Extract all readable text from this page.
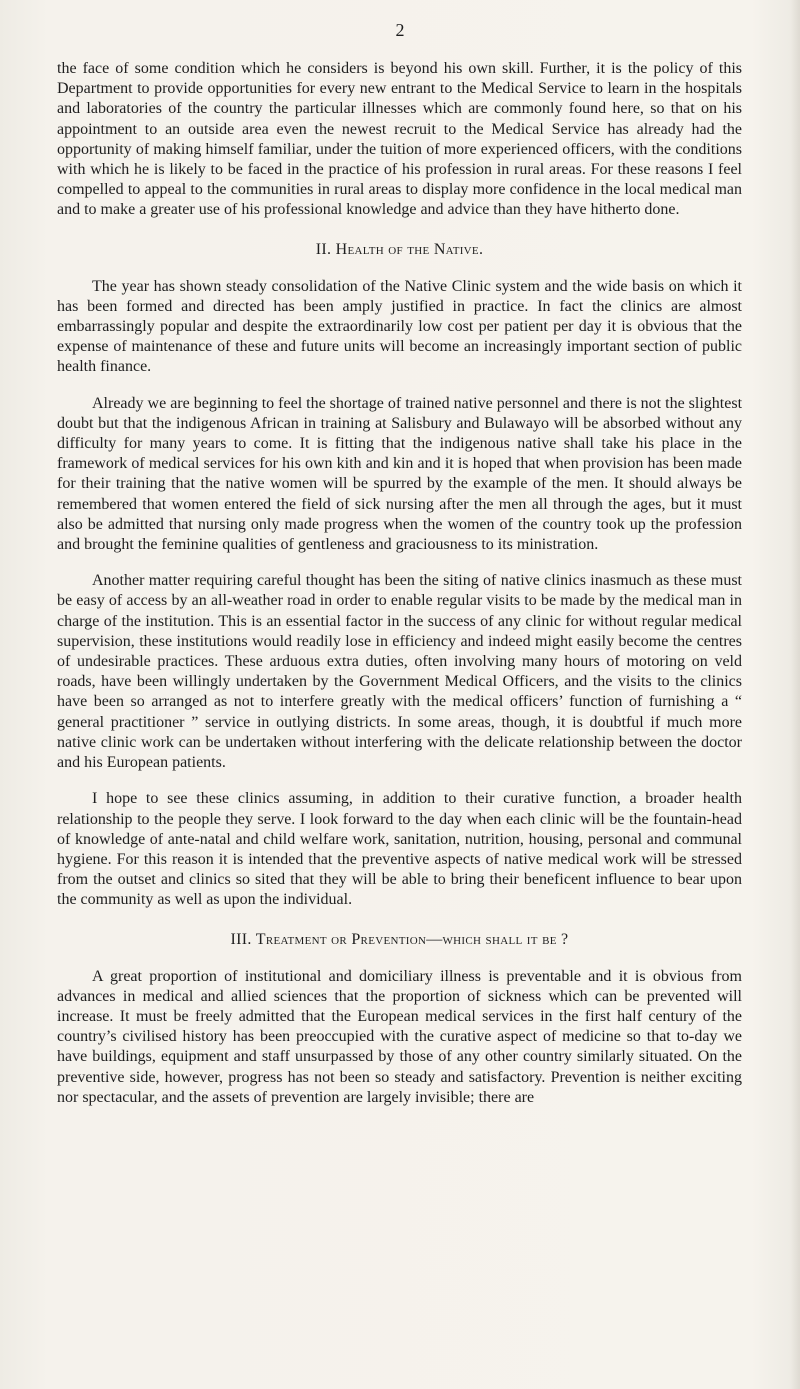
2

the face of some condition which he considers is beyond his own skill. Further, it is the policy of this Department to provide opportunities for every new entrant to the Medical Service to learn in the hospitals and laboratories of the country the particular illnesses which are commonly found here, so that on his appointment to an outside area even the newest recruit to the Medical Service has already had the opportunity of making himself familiar, under the tuition of more experienced officers, with the conditions with which he is likely to be faced in the practice of his profession in rural areas. For these reasons I feel compelled to appeal to the communities in rural areas to display more confidence in the local medical man and to make a greater use of his professional knowledge and advice than they have hitherto done.

II. Health of the Native.

The year has shown steady consolidation of the Native Clinic system and the wide basis on which it has been formed and directed has been amply justified in practice. In fact the clinics are almost embarrassingly popular and despite the extraordinarily low cost per patient per day it is obvious that the expense of maintenance of these and future units will become an increasingly important section of public health finance.

Already we are beginning to feel the shortage of trained native personnel and there is not the slightest doubt but that the indigenous African in training at Salisbury and Bulawayo will be absorbed without any difficulty for many years to come. It is fitting that the indigenous native shall take his place in the framework of medical services for his own kith and kin and it is hoped that when provision has been made for their training that the native women will be spurred by the example of the men. It should always be remembered that women entered the field of sick nursing after the men all through the ages, but it must also be admitted that nursing only made progress when the women of the country took up the profession and brought the feminine qualities of gentleness and graciousness to its ministration.

Another matter requiring careful thought has been the siting of native clinics inasmuch as these must be easy of access by an all-weather road in order to enable regular visits to be made by the medical man in charge of the institution. This is an essential factor in the success of any clinic for without regular medical supervision, these institutions would readily lose in efficiency and indeed might easily become the centres of undesirable practices. These arduous extra duties, often involving many hours of motoring on veld roads, have been willingly undertaken by the Government Medical Officers, and the visits to the clinics have been so arranged as not to interfere greatly with the medical officers’ function of furnishing a “ general practitioner ” service in outlying districts. In some areas, though, it is doubtful if much more native clinic work can be undertaken without interfering with the delicate relationship between the doctor and his European patients.

I hope to see these clinics assuming, in addition to their curative function, a broader health relationship to the people they serve. I look forward to the day when each clinic will be the fountain-head of knowledge of ante-natal and child welfare work, sanitation, nutrition, housing, personal and communal hygiene. For this reason it is intended that the preventive aspects of native medical work will be stressed from the outset and clinics so sited that they will be able to bring their beneficent influence to bear upon the community as well as upon the individual.

III. Treatment or Prevention—which shall it be ?

A great proportion of institutional and domiciliary illness is preventable and it is obvious from advances in medical and allied sciences that the proportion of sickness which can be prevented will increase. It must be freely admitted that the European medical services in the first half century of the country’s civilised history has been preoccupied with the curative aspect of medicine so that to-day we have buildings, equipment and staff unsurpassed by those of any other country similarly situated. On the preventive side, however, progress has not been so steady and satisfactory. Prevention is neither exciting nor spectacular, and the assets of prevention are largely invisible; there are
